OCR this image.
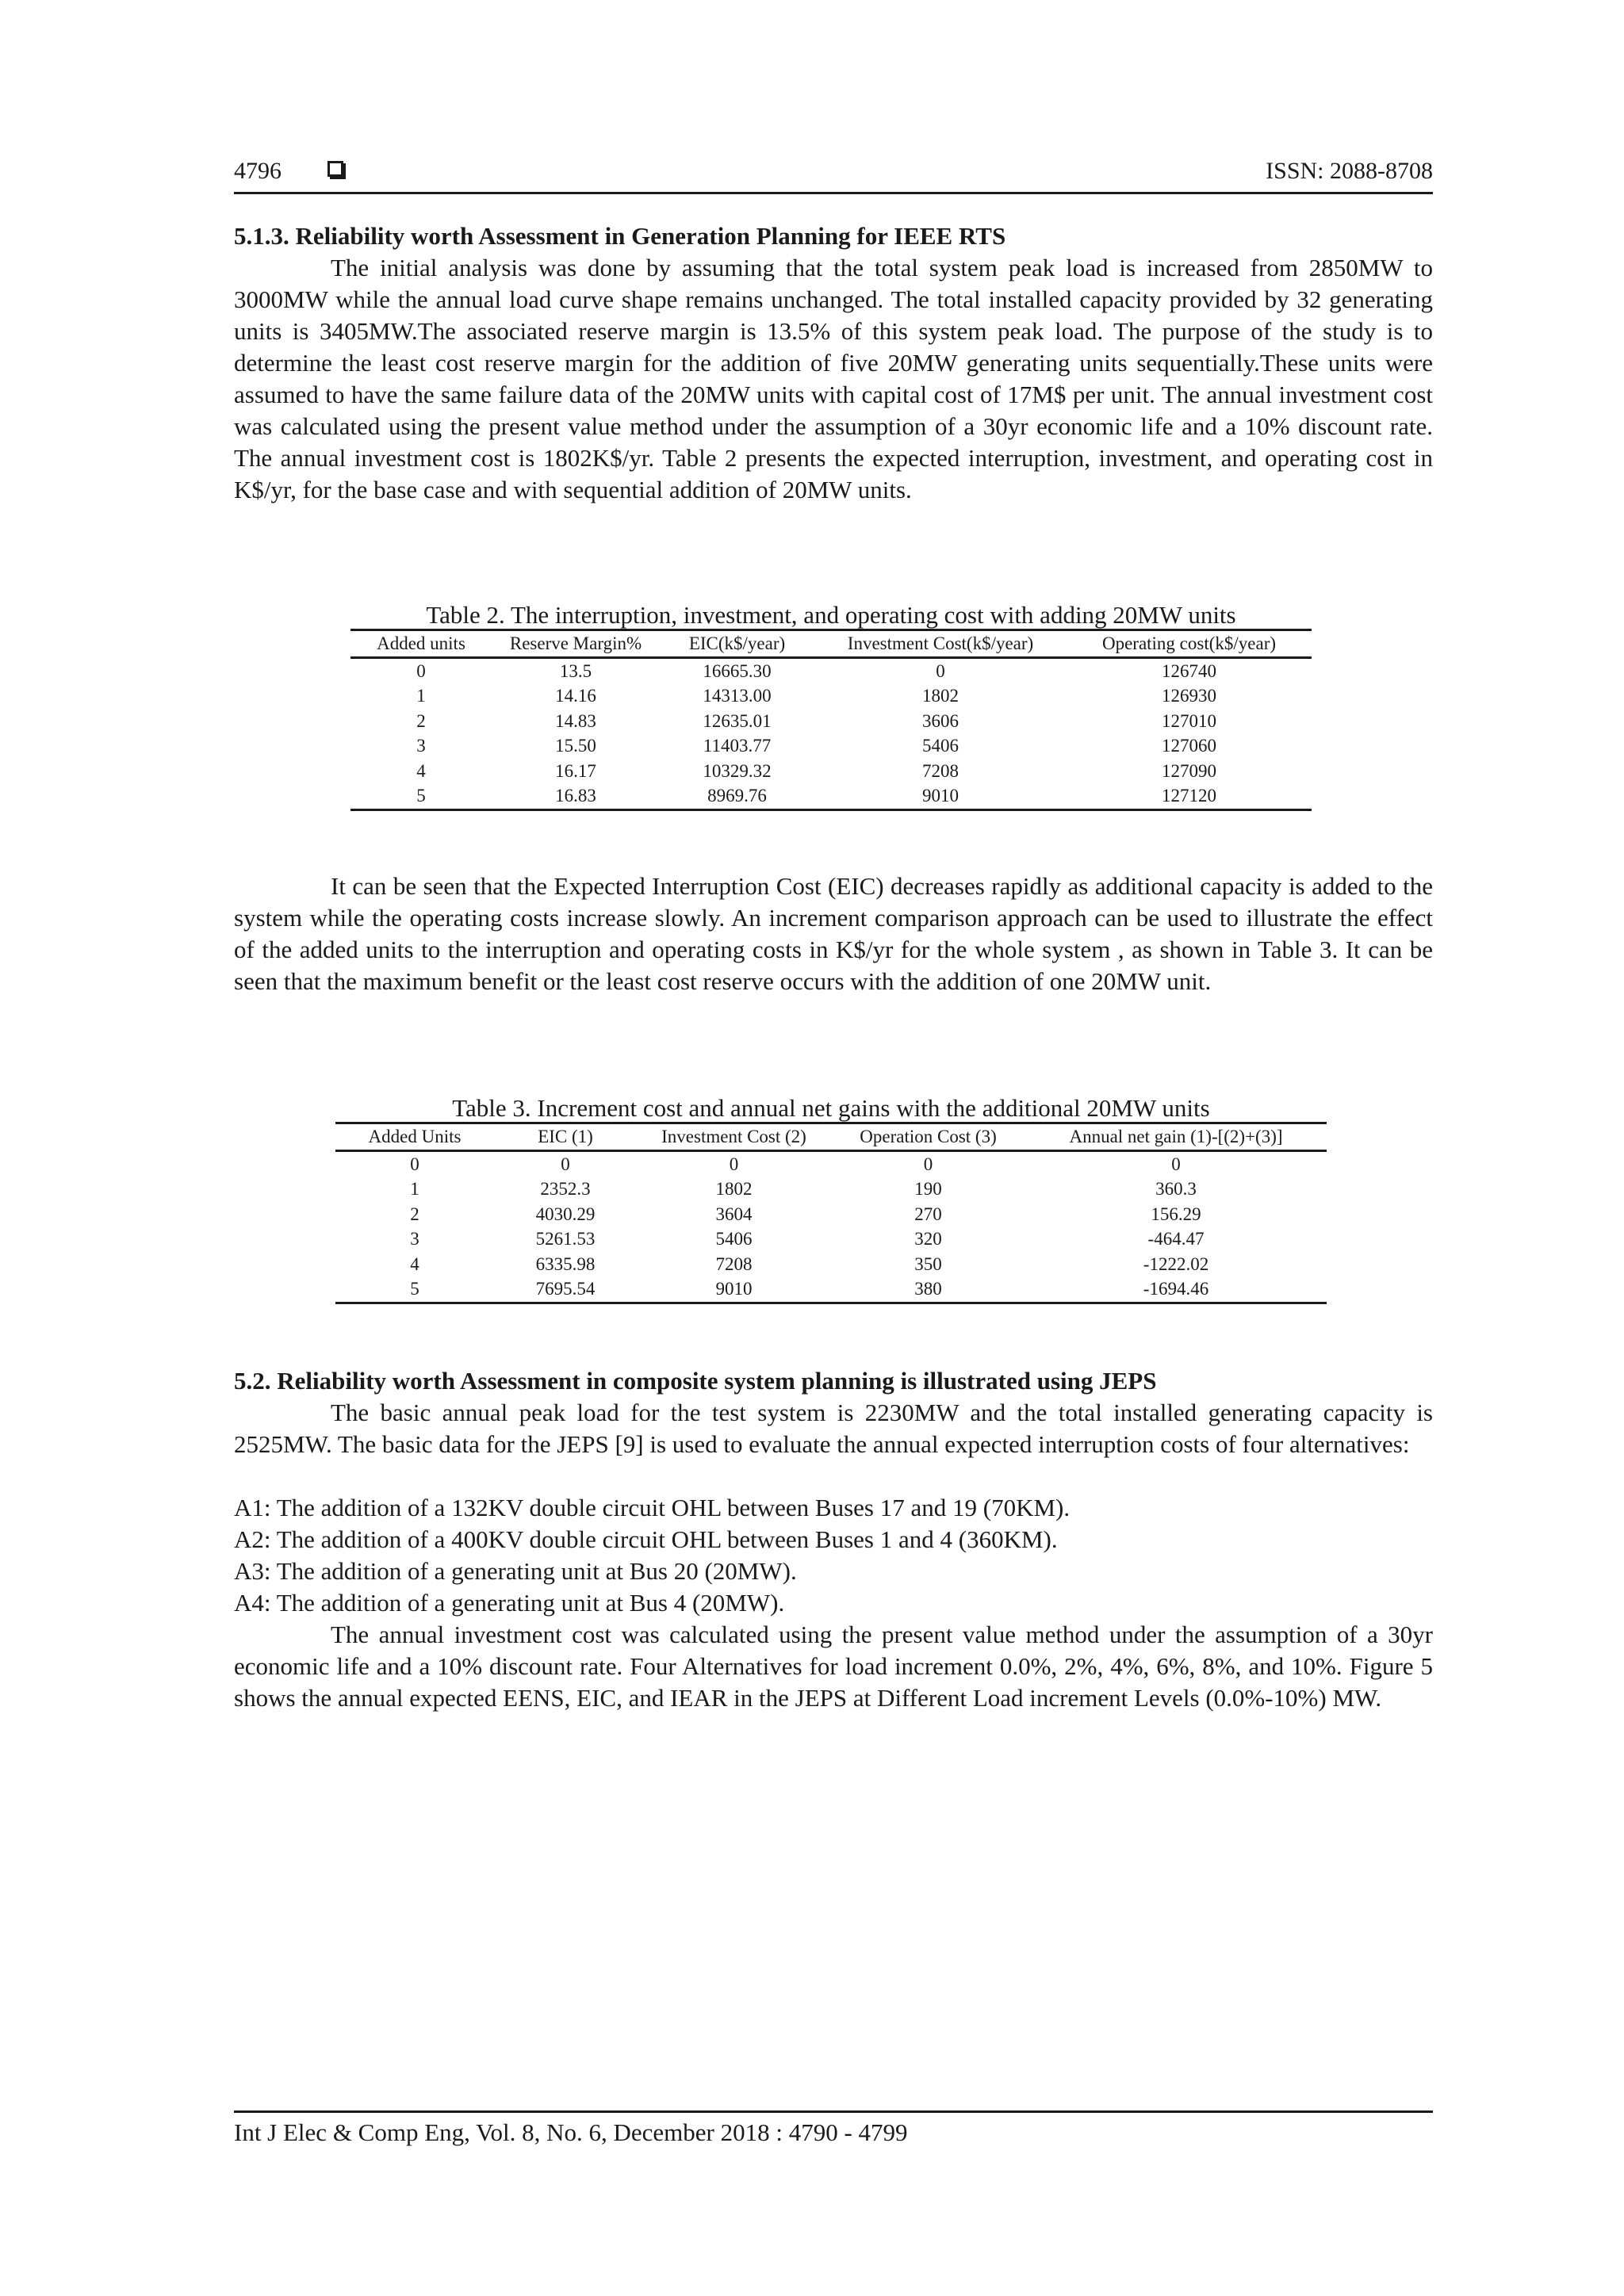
4796	ISSN: 2088-8708
5.1.3. Reliability worth Assessment in Generation Planning for IEEE RTS

The initial analysis was done by assuming that the total system peak load is increased from 2850MW to 3000MW while the annual load curve shape remains unchanged. The total installed capacity provided by 32 generating units is 3405MW.The associated reserve margin is 13.5% of this system peak load. The purpose of the study is to determine the least cost reserve margin for the addition of five 20MW generating units sequentially.These units were assumed to have the same failure data of the 20MW units with capital cost of 17M$ per unit. The annual investment cost was calculated using the present value method under the assumption of a 30yr economic life and a 10% discount rate. The annual investment cost is 1802K$/yr. Table 2 presents the expected interruption, investment, and operating cost in K$/yr, for the base case and with sequential addition of 20MW units.

Table 2. The interruption, investment, and operating cost with adding 20MW units
Added units	Reserve Margin%	EIC(k$/year)	Investment Cost(k$/year)	Operating cost(k$/year)
0	13.5	16665.30	0	126740
1	14.16	14313.00	1802	126930
2	14.83	12635.01	3606	127010
3	15.50	11403.77	5406	127060
4	16.17	10329.32	7208	127090
5	16.83	8969.76	9010	127120

It can be seen that the Expected Interruption Cost (EIC) decreases rapidly as additional capacity is added to the system while the operating costs increase slowly. An increment comparison approach can be used to illustrate the effect of the added units to the interruption and operating costs in K$/yr for the whole system , as shown in Table 3. It can be seen that the maximum benefit or the least cost reserve occurs with the addition of one 20MW unit.

Table 3. Increment cost and annual net gains with the additional 20MW units
Added Units	EIC (1)	Investment Cost (2)	Operation Cost (3)	Annual net gain (1)-[(2)+(3)]
0	0	0	0	0
1	2352.3	1802	190	360.3
2	4030.29	3604	270	156.29
3	5261.53	5406	320	-464.47
4	6335.98	7208	350	-1222.02
5	7695.54	9010	380	-1694.46
5.2. Reliability worth Assessment in composite system planning is illustrated using JEPS

The basic annual peak load for the test system is 2230MW and the total installed generating capacity is 2525MW. The basic data for the JEPS [9] is used to evaluate the annual expected interruption costs of four alternatives:

A1: The addition of a 132KV double circuit OHL between Buses 17 and 19 (70KM).
A2: The addition of a 400KV double circuit OHL between Buses 1 and 4 (360KM).
A3: The addition of a generating unit at Bus 20 (20MW).
A4: The addition of a generating unit at Bus 4 (20MW).

The annual investment cost was calculated using the present value method under the assumption of a 30yr economic life and a 10% discount rate. Four Alternatives for load increment 0.0%, 2%, 4%, 6%, 8%, and 10%. Figure 5 shows the annual expected EENS, EIC, and IEAR in the JEPS at Different Load increment Levels (0.0%-10%) MW.

Int J Elec & Comp Eng, Vol. 8, No. 6, December 2018 : 4790 - 4799
